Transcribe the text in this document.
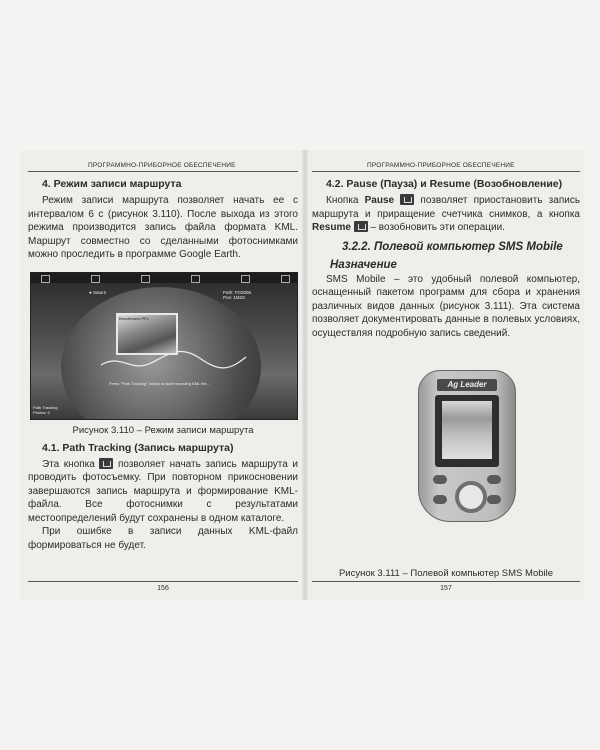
ПРОГРАММНО-ПРИБОРНОЕ ОБЕСПЕЧЕНИЕ
4. Режим записи маршрута

Режим записи маршрута позволяет начать ее с интервалом 6 с (рисунок 3.110). После выхода из этого режима производится запись файла формата KML. Маршрут совместно со сделанными фотоснимками можно проследить в программе Google Earth.

● Saturn	Path: FO2005
Pos: 1M2S
Beschmann-PFL
Press "Path Tracking" button to start recording KML file...
Path Tracking
Photos: 0
Рисунок 3.110 – Режим записи маршрута
4.1. Path Tracking (Запись маршрута)

Эта кнопка позволяет начать запись маршрута и проводить фотосъемку. При повторном прикосновении завершаются запись маршрута и формирование KML-файла. Все фотоснимки с результатами местоопределений будут сохранены в одном каталоге.

При ошибке в записи данных KML-файл формироваться не будет.

156
ПРОГРАММНО-ПРИБОРНОЕ ОБЕСПЕЧЕНИЕ
4.2. Pause (Пауза) и Resume (Возобновление)

Кнопка Pause	позволяет приостановить запись маршрута и приращение счетчика снимков, а кнопка Resume – возобновить эти операции.

3.2.2. Полевой компьютер SMS Mobile
Назначение

SMS Mobile – это удобный полевой компьютер, оснащенный пакетом программ для сбора и хранения различных видов данных (рисунок 3.111). Эта система позволяет документировать данные в полевых условиях, осуществляя подробную запись сведений.

Ag Leader
Рисунок 3.111 – Полевой компьютер SMS Mobile
157
